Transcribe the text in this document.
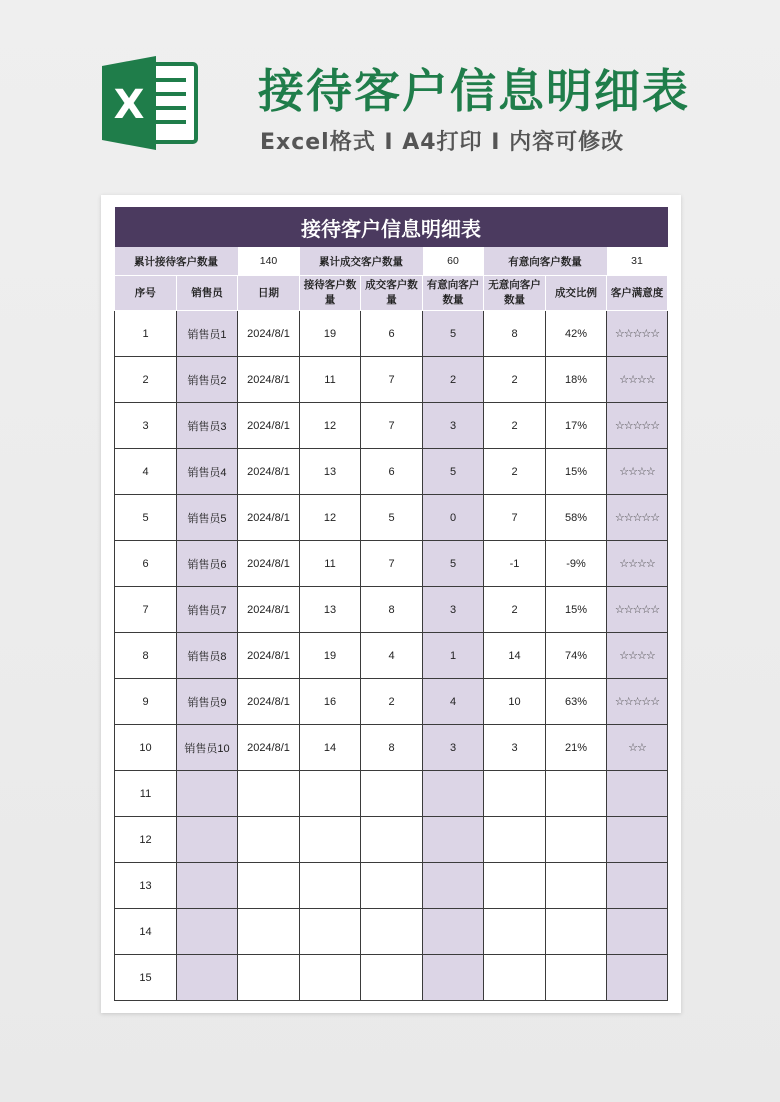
X 接待客户信息明细表
Excel格式 I A4打印 I 内容可修改
接待客户信息明细表								
累计接待客户数量		140	累计成交客户数量		60	有意向客户数量		31
序号	销售员	日期	接待客户数量	成交客户数量	有意向客户数量	无意向客户数量	成交比例	客户满意度
1	销售员1	2024/8/1	19	6	5	8	42%	☆☆☆☆☆
2	销售员2	2024/8/1	11	7	2	2	18%	☆☆☆☆
3	销售员3	2024/8/1	12	7	3	2	17%	☆☆☆☆☆
4	销售员4	2024/8/1	13	6	5	2	15%	☆☆☆☆
5	销售员5	2024/8/1	12	5	0	7	58%	☆☆☆☆☆
6	销售员6	2024/8/1	11	7	5	-1	-9%	☆☆☆☆
7	销售员7	2024/8/1	13	8	3	2	15%	☆☆☆☆☆
8	销售员8	2024/8/1	19	4	1	14	74%	☆☆☆☆
9	销售员9	2024/8/1	16	2	4	10	63%	☆☆☆☆☆
10	销售员10	2024/8/1	14	8	3	3	21%	☆☆
11								
12								
13								
14								
15								
